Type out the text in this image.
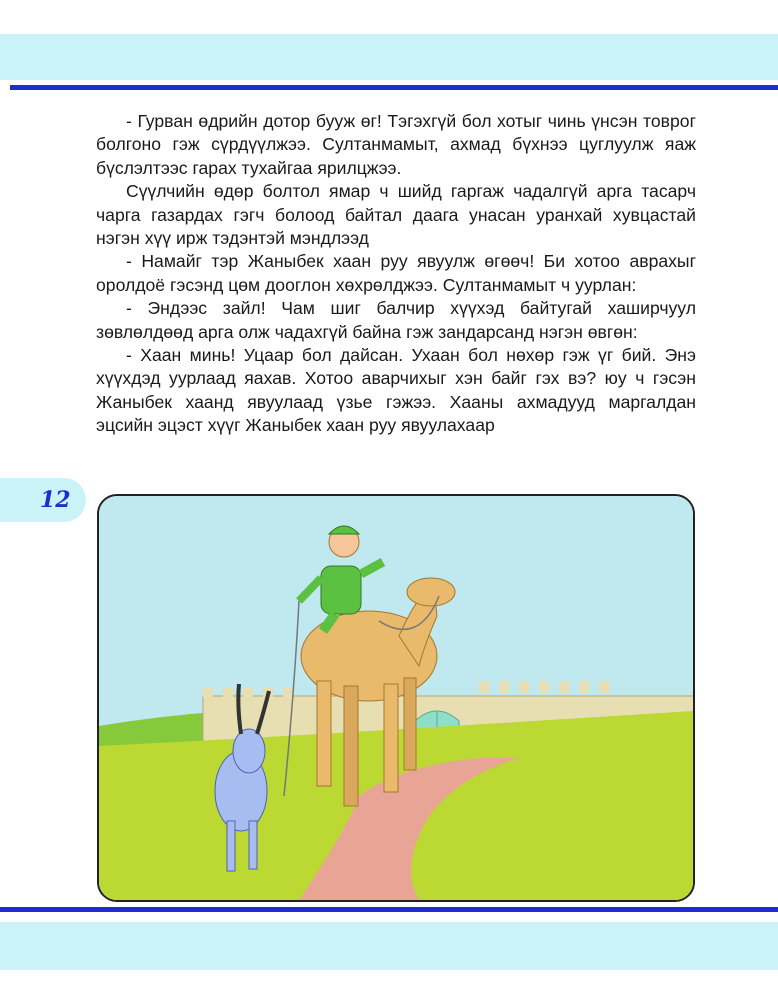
12

- Гурван өдрийн дотор бууж өг! Тэгэхгүй бол хотыг чинь үнсэн товрог болгоно гэж сүрдүүлжээ. Султанмамыт, ахмад бүхнээ цуглуулж яаж бүслэлтээс гарах тухайгаа ярилцжээ.

Сүүлчийн өдөр болтол ямар ч шийд гаргаж чадалгүй арга тасарч чарга газардах гэгч болоод байтал даага унасан уранхай хувцастай нэгэн хүү ирж тэдэнтэй мэндлээд

- Намайг тэр Жаныбек хаан руу явуулж өгөөч! Би хотоо аврахыг оролдоё гэсэнд цөм дооглон хөхрөлджээ. Султанмамыт ч уурлан:

- Эндээс зайл! Чам шиг балчир хүүхэд байтугай хаширчуул зөвлөлдөөд арга олж чадахгүй байна гэж зандарсанд нэгэн өвгөн:

- Хаан минь! Уцаар бол дайсан. Ухаан бол нөхөр гэж үг бий. Энэ хүүхдэд уурлаад яахав. Хотоо аварчихыг хэн байг гэх вэ? юу ч гэсэн Жаныбек хаанд явуулаад үзье гэжээ. Хааны ахмадууд маргалдан эцсийн эцэст хүүг Жаныбек хаан руу явуулахаар
